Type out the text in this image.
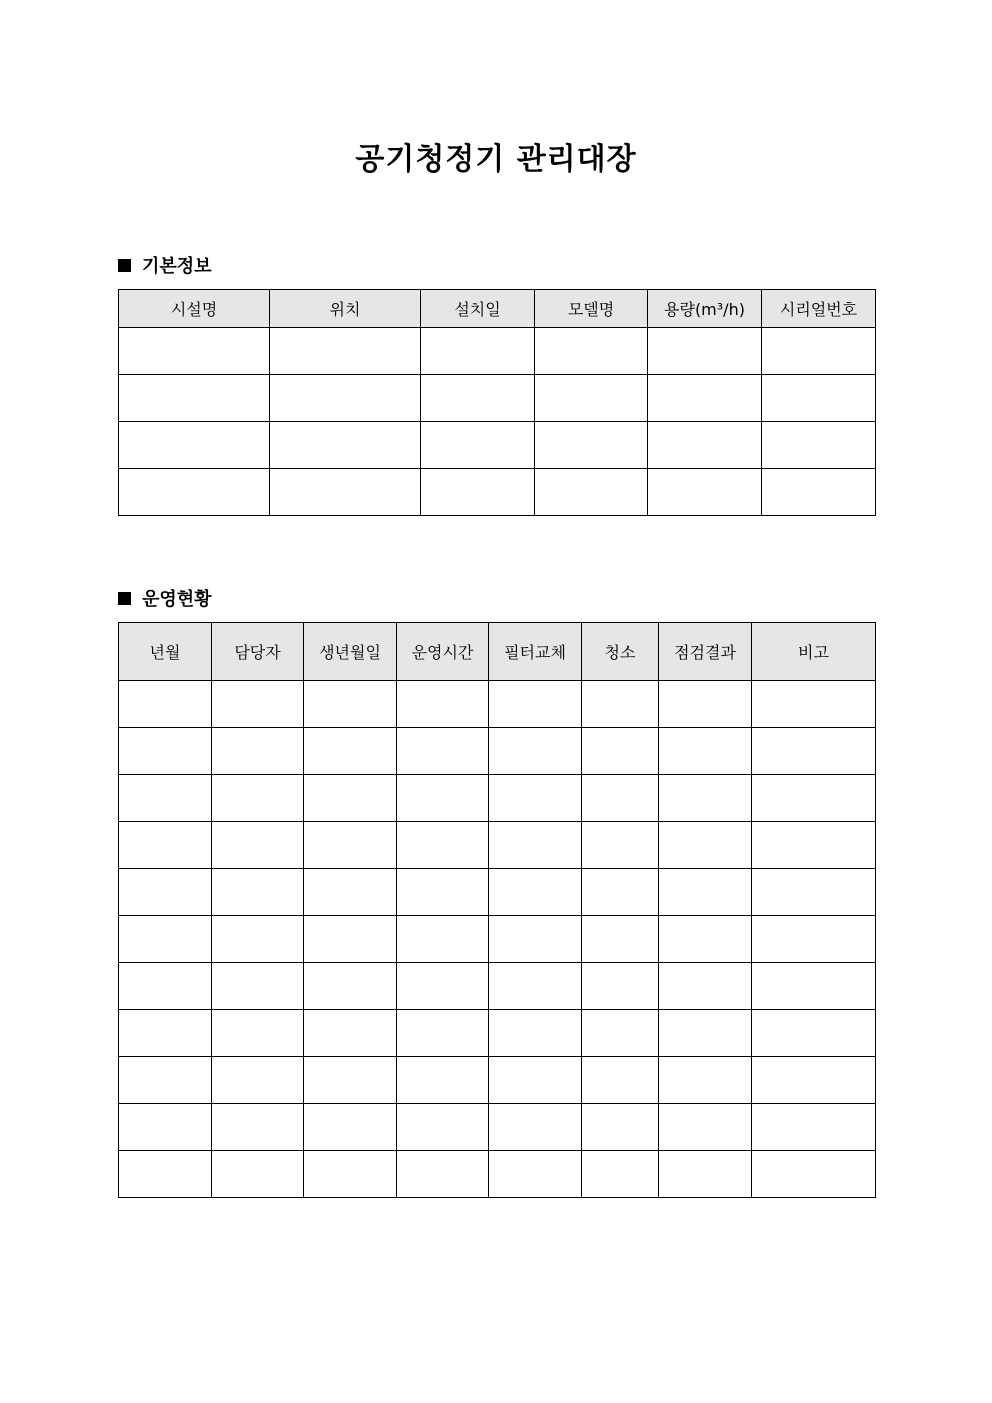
공기청정기 관리대장
기본정보
시설명	위치	설치일	모델명	용량(m³/h)	시리얼번호

운영현황
년월	담당자	생년월일	운영시간	필터교체	청소	점검결과	비고
